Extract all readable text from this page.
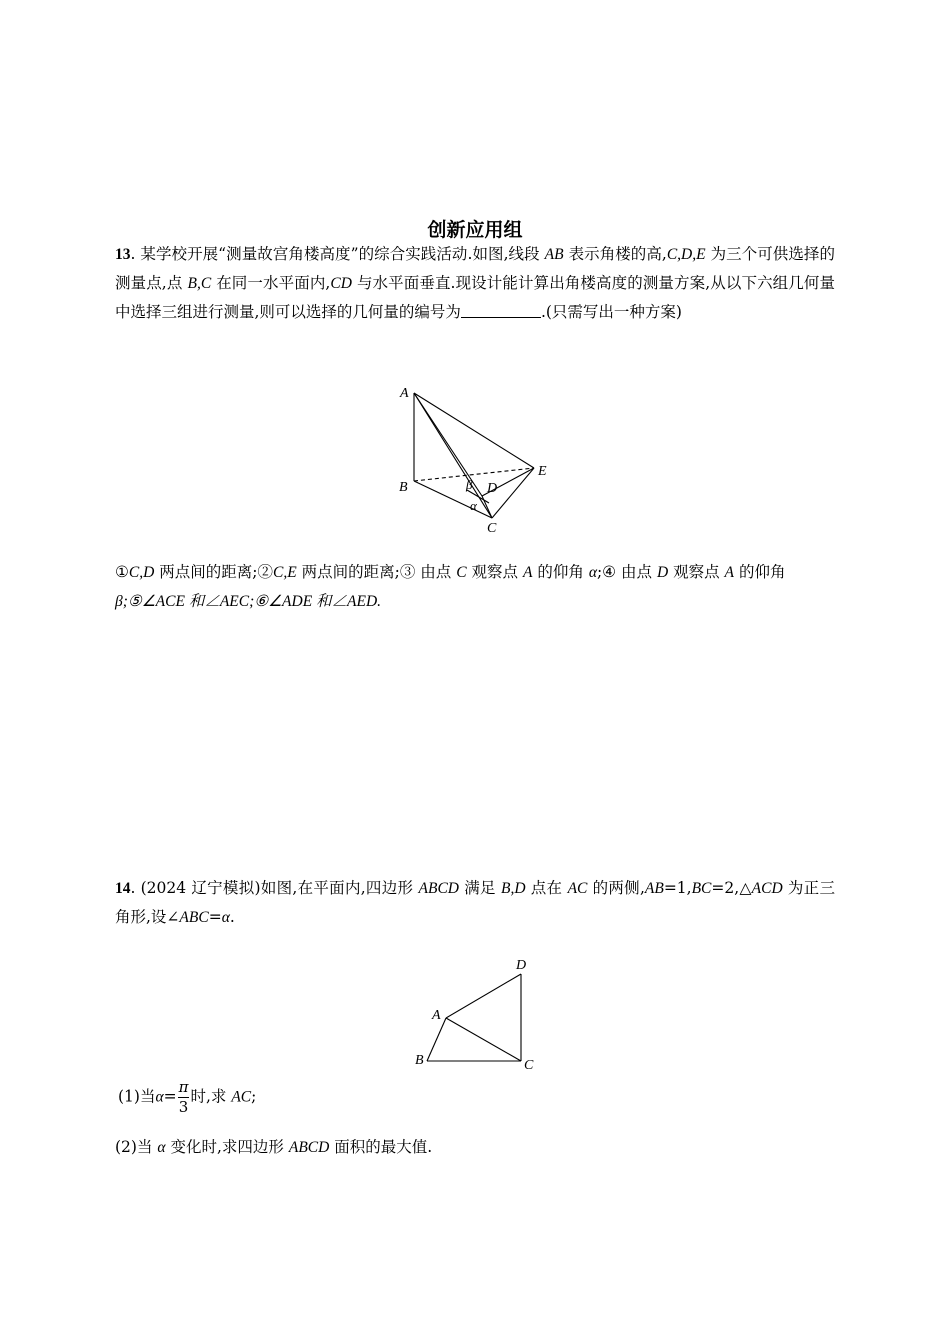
创新应用组
13. 某学校开展“测量故宫角楼高度”的综合实践活动.如图,线段 AB 表示角楼的高,C,D,E 为三个可供选择的测量点,点 B,C 在同一水平面内,CD 与水平面垂直.现设计能计算出角楼高度的测量方案,从以下六组几何量中选择三组进行测量,则可以选择的几何量的编号为	.(只需写出一种方案)
A
B
C
D
E
α
β
①C,D 两点间的距离;②C,E 两点间的距离;③ 由点 C 观察点 A 的仰角 α;④ 由点 D 观察点 A 的仰角
β;⑤∠ACE 和∠AEC;⑥∠ADE 和∠AED.
14. (2024 辽宁模拟)如图,在平面内,四边形 ABCD 满足 B,D 点在 AC 的两侧,AB=1,BC=2,△ACD 为正三角形,设∠ABC=α.
A
B	C
D
(1)当$\alpha= \frac{\pi}{3}$ 时,求 AC;
(2)当 α 变化时,求四边形 ABCD 面积的最大值.
